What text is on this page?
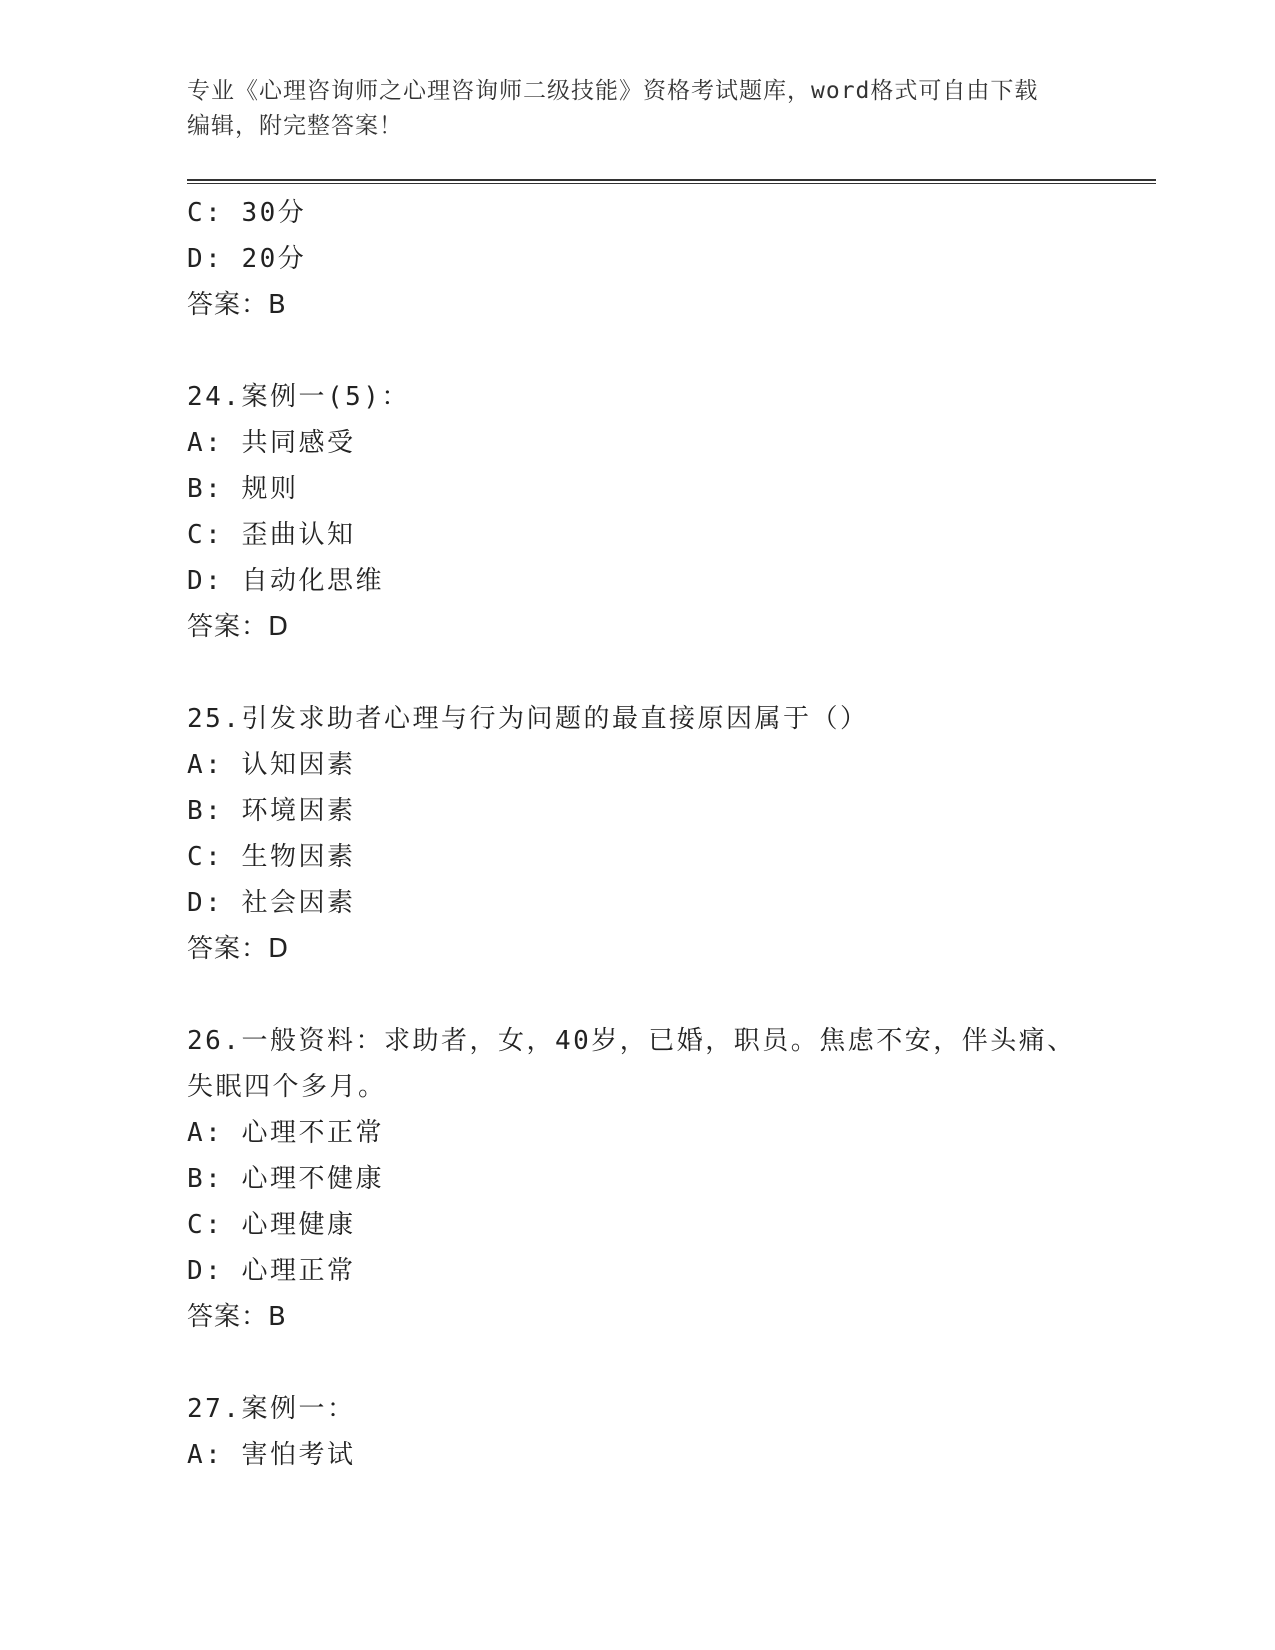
专业《心理咨询师之心理咨询师二级技能》资格考试题库，word格式可自由下载
编辑，附完整答案！
C: 30分
D: 20分
答案：B
24.案例一(5)：
A: 共同感受
B: 规则
C: 歪曲认知
D: 自动化思维
答案：D
25.引发求助者心理与行为问题的最直接原因属于（）
A: 认知因素
B: 环境因素
C: 生物因素
D: 社会因素
答案：D
26.一般资料：求助者，女，40岁，已婚，职员。焦虑不安，伴头痛、
失眠四个多月。
A: 心理不正常
B: 心理不健康
C: 心理健康
D: 心理正常
答案：B
27.案例一：
A: 害怕考试
